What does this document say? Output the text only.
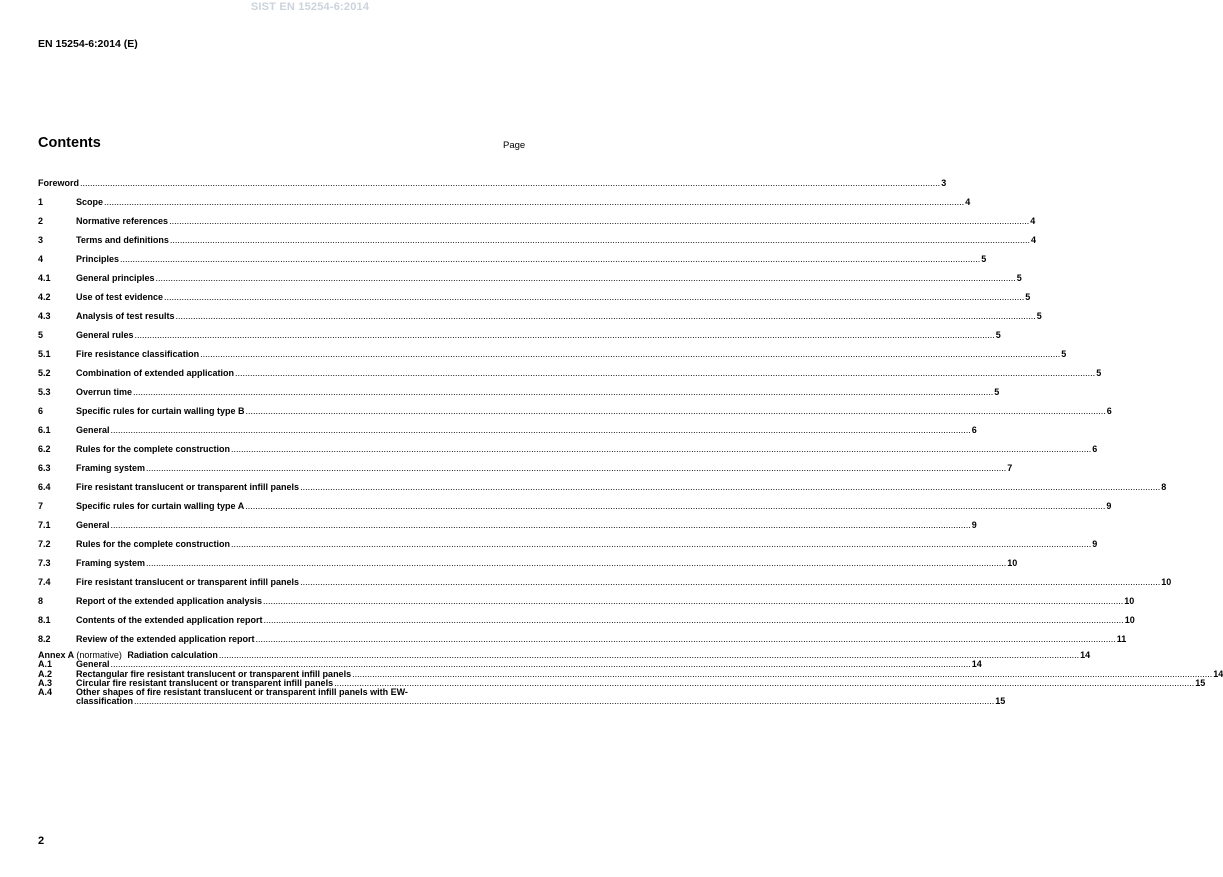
SIST EN 15254-6:2014
EN 15254-6:2014 (E)
Contents	Page
Foreword .....	3
1	Scope .....	4
2	Normative references .....	4
3	Terms and definitions .....	4
4	Principles .....	5
4.1	General principles .....	5
4.2	Use of test evidence .....	5
4.3	Analysis of test results .....	5
5	General rules .....	5
5.1	Fire resistance classification .....	5
5.2	Combination of extended application .....	5
5.3	Overrun time .....	5
6	Specific rules for curtain walling type B .....	6
6.1	General .....	6
6.2	Rules for the complete construction .....	6
6.3	Framing system .....	7
6.4	Fire resistant translucent or transparent infill panels .....	8
7	Specific rules for curtain walling type A .....	9
7.1	General .....	9
7.2	Rules for the complete construction .....	9
7.3	Framing system .....	10
7.4	Fire resistant translucent or transparent infill panels .....	10
8	Report of the extended application analysis .....	10
8.1	Contents of the extended application report .....	10
8.2	Review of the extended application report .....	11
Annex A (normative) Radiation calculation .....	14
A.1	General .....	14
A.2	Rectangular fire resistant translucent or transparent infill panels .....	14
A.3	Circular fire resistant translucent or transparent infill panels .....	15
A.4	Other shapes of fire resistant translucent or transparent infill panels with EW-
classification .....	15
2
